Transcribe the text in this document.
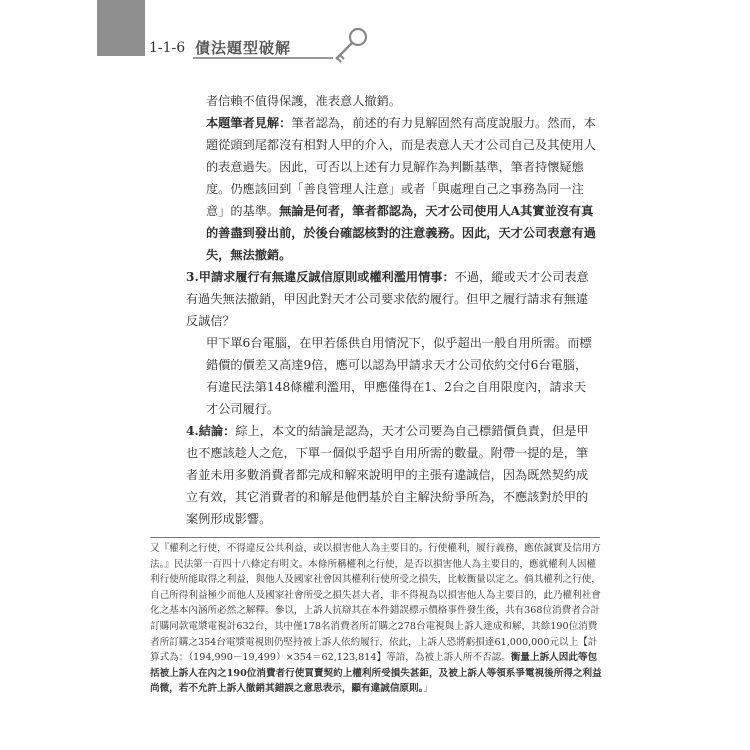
1-1-6 債法題型破解

者信賴不值得保護，准表意人撤銷。

本題筆者見解：筆者認為，前述的有力見解固然有高度說服力。然而，本題從頭到尾都沒有相對人甲的介入，而是表意人天才公司自己及其使用人的表意過失。因此，可否以上述有力見解作為判斷基準，筆者持懷疑態度。仍應該回到「善良管理人注意」或者「與處理自己之事務為同一注意」的基準。無論是何者，筆者都認為，天才公司使用人A其實並沒有真的善盡到發出前，於後台確認核對的注意義務。因此，天才公司表意有過失，無法撤銷。

3.甲請求履行有無違反誠信原則或權利濫用情事：不過，縱或天才公司表意有過失無法撤銷，甲因此對天才公司要求依約履行。但甲之履行請求有無違反誠信？

甲下單6台電腦，在甲若係供自用情況下，似乎超出一般自用所需。而標錯價的價差又高達9倍，應可以認為甲請求天才公司依約交付6台電腦，有違民法第148條權利濫用，甲應僅得在1、2台之自用限度內，請求天才公司履行。

4.結論：綜上，本文的結論是認為，天才公司要為自己標錯價負責，但是甲也不應該趁人之危，下單一個似乎超乎自用所需的數量。附帶一提的是，筆者並未用多數消費者都完成和解來說明甲的主張有違誠信，因為既然契約成立有效，其它消費者的和解是他們基於自主解決紛爭所為，不應該對於甲的案例形成影響。
又『權利之行使，不得違反公共利益，或以損害他人為主要目的。行使權利，履行義務，應依誠實及信用方法。』民法第一百四十八條定有明文。本條所稱權利之行使，是否以損害他人為主要目的，應就權利人因權利行使所能取得之利益，與他人及國家社會因其權利行使所受之損失，比較衡量以定之。倘其權利之行使，自己所得利益極少而他人及國家社會所受之損失甚大者，非不得視為以損害他人為主要目的，此乃權利社會化之基本內涵所必然之解釋。參以，上訴人抗辯其在本件錯誤標示價格事件發生後，共有368位消費者合計訂購同款電漿電視計632台，其中僅178名消費者所訂購之278台電視與上訴人達成和解，其餘190位消費者所訂購之354台電漿電視則仍堅持被上訴人依約履行，依此，上訴人恐將虧損達61,000,000元以上【計算式為：（194,990－19,499）×354＝62,123,814】等語，為被上訴人所不否認。衡量上訴人因此等包括被上訴人在內之190位消費者行使買賣契約上權利所受損失甚鉅，及被上訴人等領系爭電視後所得之利益尚微，若不允許上訴人撤銷其錯誤之意思表示，顯有違誠信原則。」
